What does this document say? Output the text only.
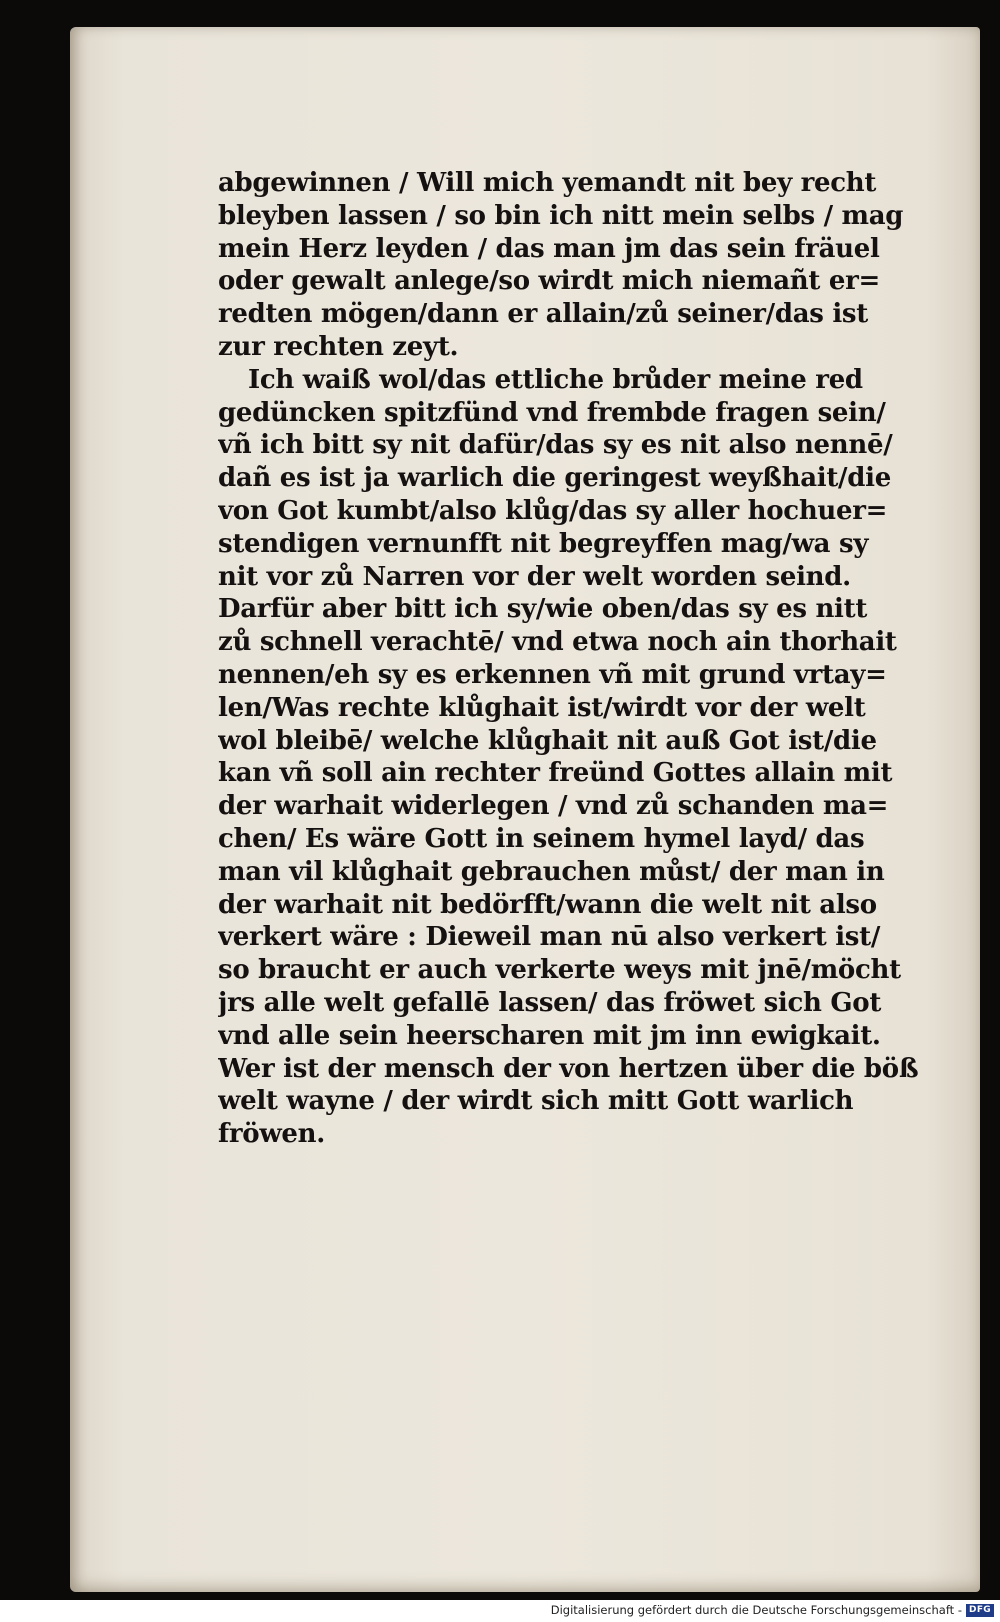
abgewinnen / Will mich yemandt nit bey recht
bleyben lassen / so bin ich nitt mein selbs / mag
mein Herz leyden / das man jm das sein fräuel
oder gewalt anlege/so wirdt mich niemañt er=
redten mögen/dann er allain/zů seiner/das ist
zur rechten zeyt.
Ich waiß wol/das ettliche brůder meine red
gedüncken spitzfünd vnd frembde fragen sein/
vñ ich bitt sy nit dafür/das sy es nit also nennē/
dañ es ist ja warlich die geringest weyßhait/die
von Got kumbt/also klůg/das sy aller hochuer=
stendigen vernunfft nit begreyffen mag/wa sy
nit vor zů Narren vor der welt worden seind.
Darfür aber bitt ich sy/wie oben/das sy es nitt
zů schnell verachtē/ vnd etwa noch ain thorhait
nennen/eh sy es erkennen vñ mit grund vrtay=
len/Was rechte klůghait ist/wirdt vor der welt
wol bleibē/ welche klůghait nit auß Got ist/die
kan vñ soll ain rechter freünd Gottes allain mit
der warhait widerlegen / vnd zů schanden ma=
chen/ Es wäre Gott in seinem hymel layd/ das
man vil klůghait gebrauchen můst/ der man in
der warhait nit bedörfft/wann die welt nit also
verkert wäre : Dieweil man nū also verkert ist/
so braucht er auch verkerte weys mit jnē/möcht
jrs alle welt gefallē lassen/ das fröwet sich Got
vnd alle sein heerscharen mit jm inn ewigkait.
Wer ist der mensch der von hertzen über die böß
welt wayne / der wirdt sich mitt Gott warlich
fröwen.
Digitalisierung gefördert durch die Deutsche Forschungsgemeinschaft - DFG
